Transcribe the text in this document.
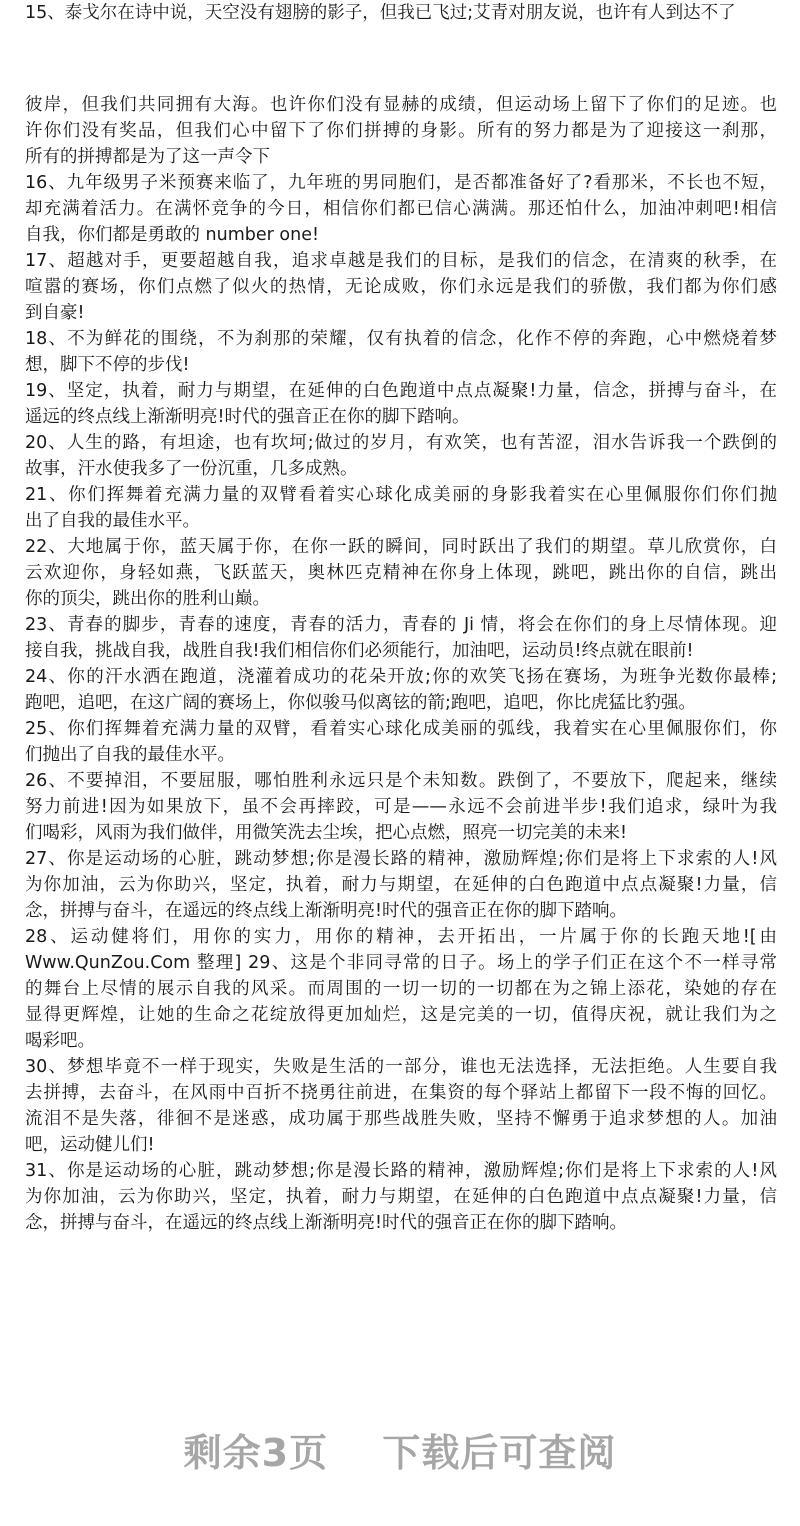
15、泰戈尔在诗中说，天空没有翅膀的影子，但我已飞过;艾青对朋友说，也许有人到达不了
彼岸，但我们共同拥有大海。也许你们没有显赫的成绩，但运动场上留下了你们的足迹。也
许你们没有奖品，但我们心中留下了你们拼搏的身影。所有的努力都是为了迎接这一刹那，
所有的拼搏都是为了这一声令下
16、九年级男子米预赛来临了，九年班的男同胞们，是否都准备好了?看那米，不长也不短，
却充满着活力。在满怀竞争的今日，相信你们都已信心满满。那还怕什么，加油冲刺吧!相信
自我，你们都是勇敢的 number one!
17、超越对手，更要超越自我，追求卓越是我们的目标，是我们的信念，在清爽的秋季，在
喧嚣的赛场，你们点燃了似火的热情，无论成败，你们永远是我们的骄傲，我们都为你们感
到自豪!
18、不为鲜花的围绕，不为刹那的荣耀，仅有执着的信念，化作不停的奔跑，心中燃烧着梦
想，脚下不停的步伐!
19、坚定，执着，耐力与期望，在延伸的白色跑道中点点凝聚!力量，信念，拼搏与奋斗，在
遥远的终点线上渐渐明亮!时代的强音正在你的脚下踏响。
20、人生的路，有坦途，也有坎坷;做过的岁月，有欢笑，也有苦涩，泪水告诉我一个跌倒的
故事，汗水使我多了一份沉重，几多成熟。
21、你们挥舞着充满力量的双臂看着实心球化成美丽的身影我着实在心里佩服你们你们抛
出了自我的最佳水平。
22、大地属于你，蓝天属于你，在你一跃的瞬间，同时跃出了我们的期望。草儿欣赏你，白
云欢迎你，身轻如燕，飞跃蓝天，奥林匹克精神在你身上体现，跳吧，跳出你的自信，跳出
你的顶尖，跳出你的胜利山巅。
23、青春的脚步，青春的速度，青春的活力，青春的 Ji 情，将会在你们的身上尽情体现。迎
接自我，挑战自我，战胜自我!我们相信你们必须能行，加油吧，运动员!终点就在眼前!
24、你的汗水洒在跑道，浇灌着成功的花朵开放;你的欢笑飞扬在赛场，为班争光数你最棒;
跑吧，追吧，在这广阔的赛场上，你似骏马似离铉的箭;跑吧，追吧，你比虎猛比豹强。
25、你们挥舞着充满力量的双臂，看着实心球化成美丽的弧线，我着实在心里佩服你们，你
们抛出了自我的最佳水平。
26、不要掉泪，不要屈服，哪怕胜利永远只是个未知数。跌倒了，不要放下，爬起来，继续
努力前进!因为如果放下，虽不会再摔跤，可是——永远不会前进半步!我们追求，绿叶为我
们喝彩，风雨为我们做伴，用微笑洗去尘埃，把心点燃，照亮一切完美的未来!
27、你是运动场的心脏，跳动梦想;你是漫长路的精神，激励辉煌;你们是将上下求索的人!风
为你加油，云为你助兴，坚定，执着，耐力与期望，在延伸的白色跑道中点点凝聚!力量，信
念，拼搏与奋斗，在遥远的终点线上渐渐明亮!时代的强音正在你的脚下踏响。
28、运动健将们，用你的实力，用你的精神，去开拓出，一片属于你的长跑天地![由
Www.QunZou.Com 整理] 29、这是个非同寻常的日子。场上的学子们正在这个不一样寻常
的舞台上尽情的展示自我的风采。而周围的一切一切的一切都在为之锦上添花，染她的存在
显得更辉煌，让她的生命之花绽放得更加灿烂，这是完美的一切，值得庆祝，就让我们为之
喝彩吧。
30、梦想毕竟不一样于现实，失败是生活的一部分，谁也无法选择，无法拒绝。人生要自我
去拼搏，去奋斗，在风雨中百折不挠勇往前进，在集资的每个驿站上都留下一段不悔的回忆。
流泪不是失落，徘徊不是迷惑，成功属于那些战胜失败，坚持不懈勇于追求梦想的人。加油
吧，运动健儿们!
31、你是运动场的心脏，跳动梦想;你是漫长路的精神，激励辉煌;你们是将上下求索的人!风
为你加油，云为你助兴，坚定，执着，耐力与期望，在延伸的白色跑道中点点凝聚!力量，信
念，拼搏与奋斗，在遥远的终点线上渐渐明亮!时代的强音正在你的脚下踏响。
剩余3页 下载后可查阅
